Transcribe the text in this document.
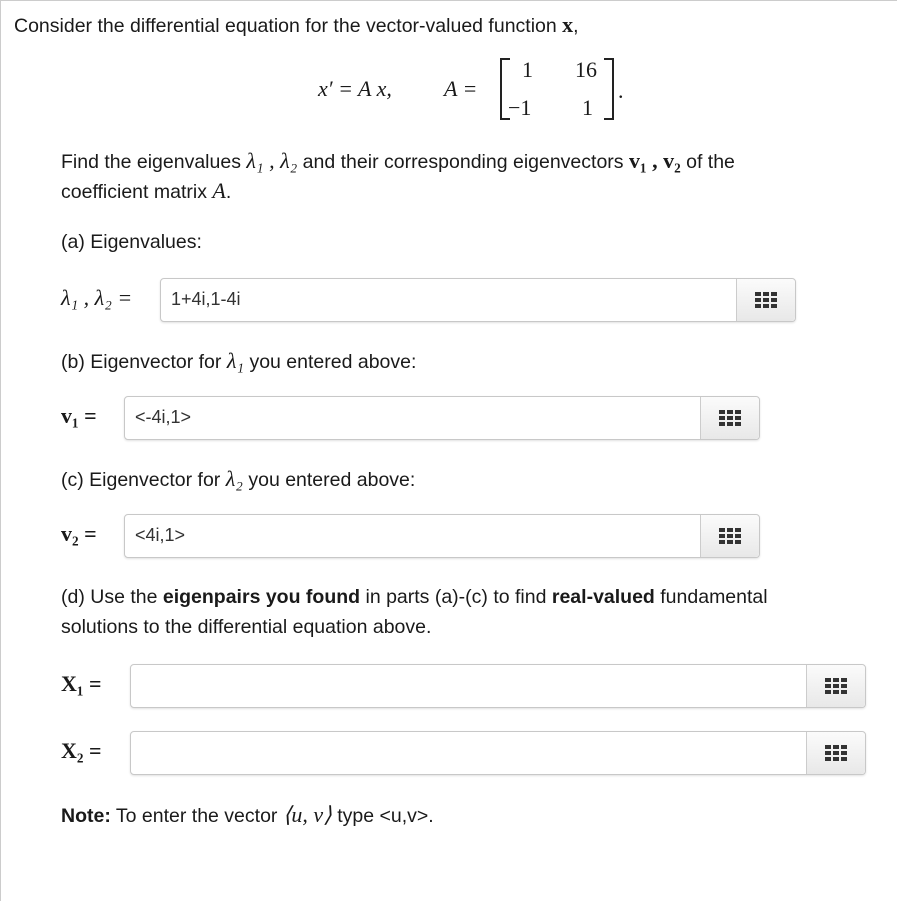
Consider the differential equation for the vector-valued function x,
x′ = A x, A =
1 16
−1 1
.
Find the eigenvalues λ₁ , λ₂ and their corresponding eigenvectors v₁ , v₂ of the
coefficient matrix A.
(a) Eigenvalues:
λ₁ , λ₂ = 1+4i,1-4i
(b) Eigenvector for λ₁ you entered above:
v₁ = <-4i,1>
(c) Eigenvector for λ₂ you entered above:
v₂ = <4i,1>
(d) Use the eigenpairs you found in parts (a)-(c) to find real-valued fundamental
solutions to the differential equation above.
X₁ =
X₂ =
Note: To enter the vector ⟨u, v⟩ type <u,v>.
